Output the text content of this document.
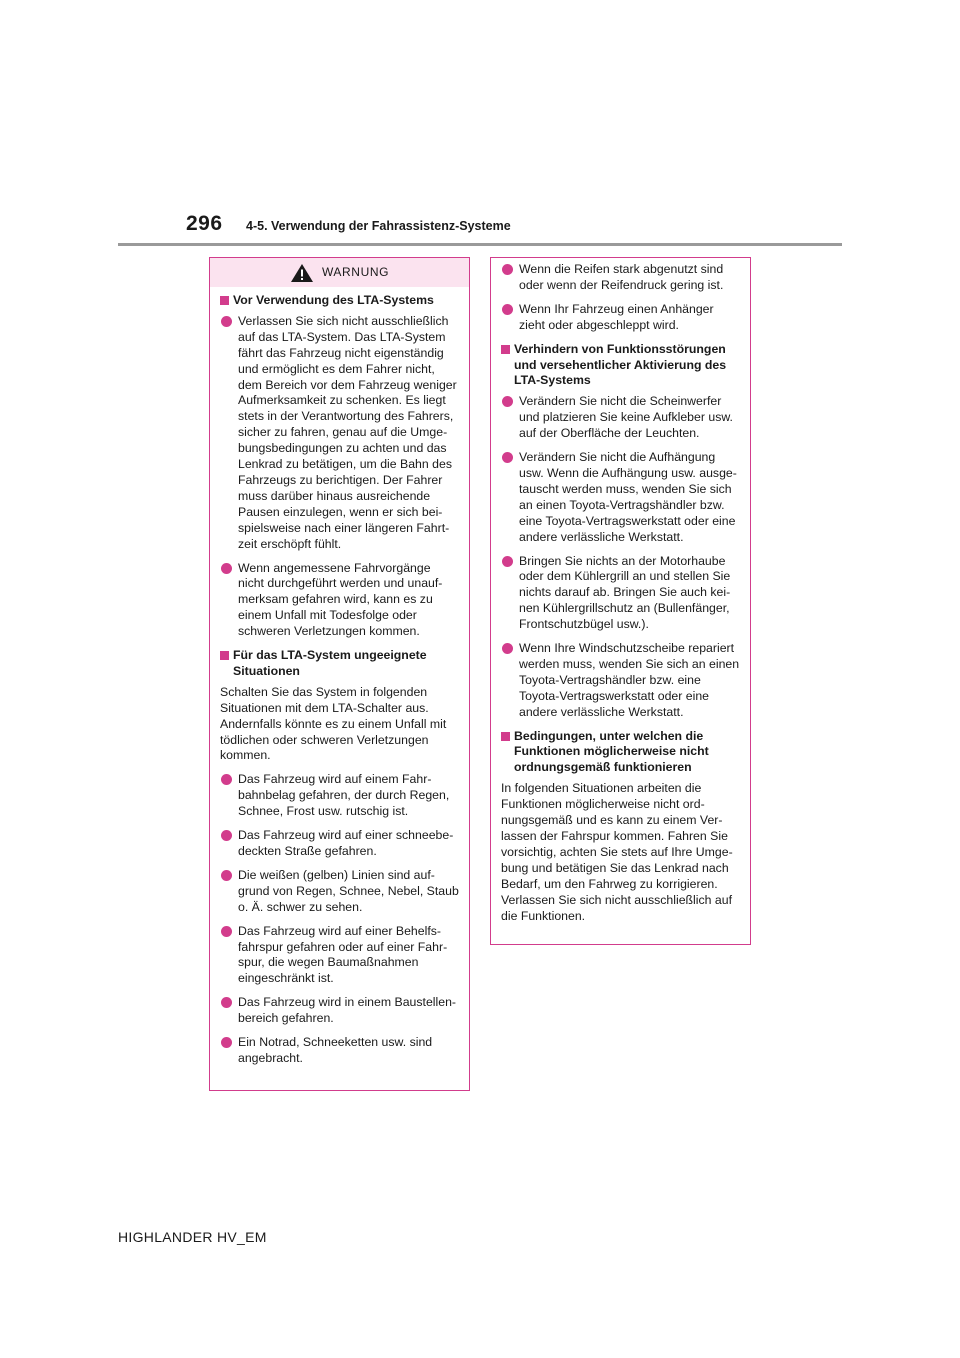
296 4-5. Verwendung der Fahrassistenz-Systeme
WARNUNG
Vor Verwendung des LTA-Systems
Verlassen Sie sich nicht ausschließlich auf das LTA-System. Das LTA-System fährt das Fahrzeug nicht eigenständig und ermöglicht es dem Fahrer nicht, dem Bereich vor dem Fahrzeug weniger Aufmerksamkeit zu schenken. Es liegt stets in der Verantwortung des Fahrers, sicher zu fahren, genau auf die Umge-bungsbedingungen zu achten und das Lenkrad zu betätigen, um die Bahn des Fahrzeugs zu berichtigen. Der Fahrer muss darüber hinaus ausreichende Pausen einzulegen, wenn er sich bei-spielsweise nach einer längeren Fahrt-zeit erschöpft fühlt.
Wenn angemessene Fahrvorgänge nicht durchgeführt werden und unauf-merksam gefahren wird, kann es zu einem Unfall mit Todesfolge oder schweren Verletzungen kommen.
Für das LTA-System ungeeignete Situationen
Schalten Sie das System in folgenden Situationen mit dem LTA-Schalter aus. Andernfalls könnte es zu einem Unfall mit tödlichen oder schweren Verletzungen kommen.
Das Fahrzeug wird auf einem Fahr-bahnbelag gefahren, der durch Regen, Schnee, Frost usw. rutschig ist.
Das Fahrzeug wird auf einer schneebe-deckten Straße gefahren.
Die weißen (gelben) Linien sind auf-grund von Regen, Schnee, Nebel, Staub o. Ä. schwer zu sehen.
Das Fahrzeug wird auf einer Behelfs-fahrspur gefahren oder auf einer Fahr-spur, die wegen Baumaßnahmen eingeschränkt ist.
Das Fahrzeug wird in einem Baustellen-bereich gefahren.
Ein Notrad, Schneeketten usw. sind angebracht.
Wenn die Reifen stark abgenutzt sind oder wenn der Reifendruck gering ist.
Wenn Ihr Fahrzeug einen Anhänger zieht oder abgeschleppt wird.
Verhindern von Funktionsstörungen und versehentlicher Aktivierung des LTA-Systems
Verändern Sie nicht die Scheinwerfer und platzieren Sie keine Aufkleber usw. auf der Oberfläche der Leuchten.
Verändern Sie nicht die Aufhängung usw. Wenn die Aufhängung usw. ausge-tauscht werden muss, wenden Sie sich an einen Toyota-Vertragshändler bzw. eine Toyota-Vertragswerkstatt oder eine andere verlässliche Werkstatt.
Bringen Sie nichts an der Motorhaube oder dem Kühlergrill an und stellen Sie nichts darauf ab. Bringen Sie auch kei-nen Kühlergrillschutz an (Bullenfänger, Frontschutzbügel usw.).
Wenn Ihre Windschutzscheibe repariert werden muss, wenden Sie sich an einen Toyota-Vertragshändler bzw. eine Toyota-Vertragswerkstatt oder eine andere verlässliche Werkstatt.
Bedingungen, unter welchen die Funktionen möglicherweise nicht ordnungsgemäß funktionieren
In folgenden Situationen arbeiten die Funktionen möglicherweise nicht ord-nungsgemäß und es kann zu einem Ver-lassen der Fahrspur kommen. Fahren Sie vorsichtig, achten Sie stets auf Ihre Umge-bung und betätigen Sie das Lenkrad nach Bedarf, um den Fahrweg zu korrigieren. Verlassen Sie sich nicht ausschließlich auf die Funktionen.
HIGHLANDER HV_EM
